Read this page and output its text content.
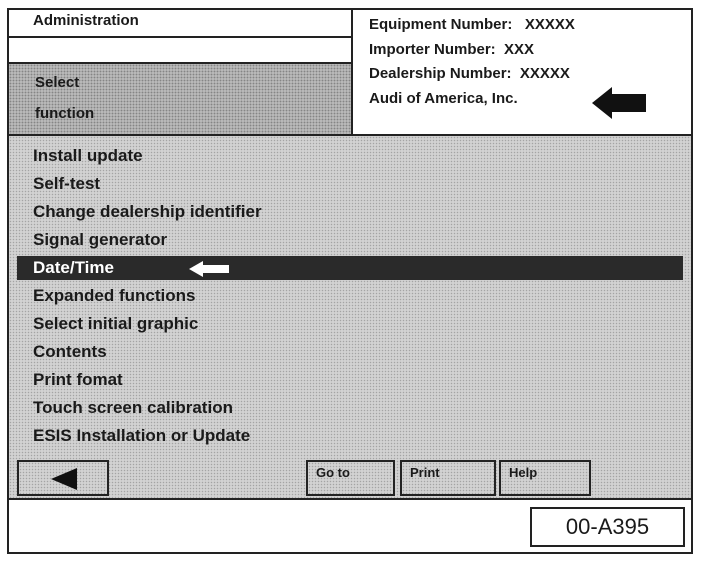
Administration
Select
function
Equipment Number:   XXXXX
Importer Number:  XXX
Dealership Number:  XXXXX
Audi of America, Inc.
Install update
Self-test
Change dealership identifier
Signal generator
Date/Time
Expanded functions
Select initial graphic
Contents
Print fomat
Touch screen calibration
ESIS Installation or Update
Go to	Print	Help
00-A395
